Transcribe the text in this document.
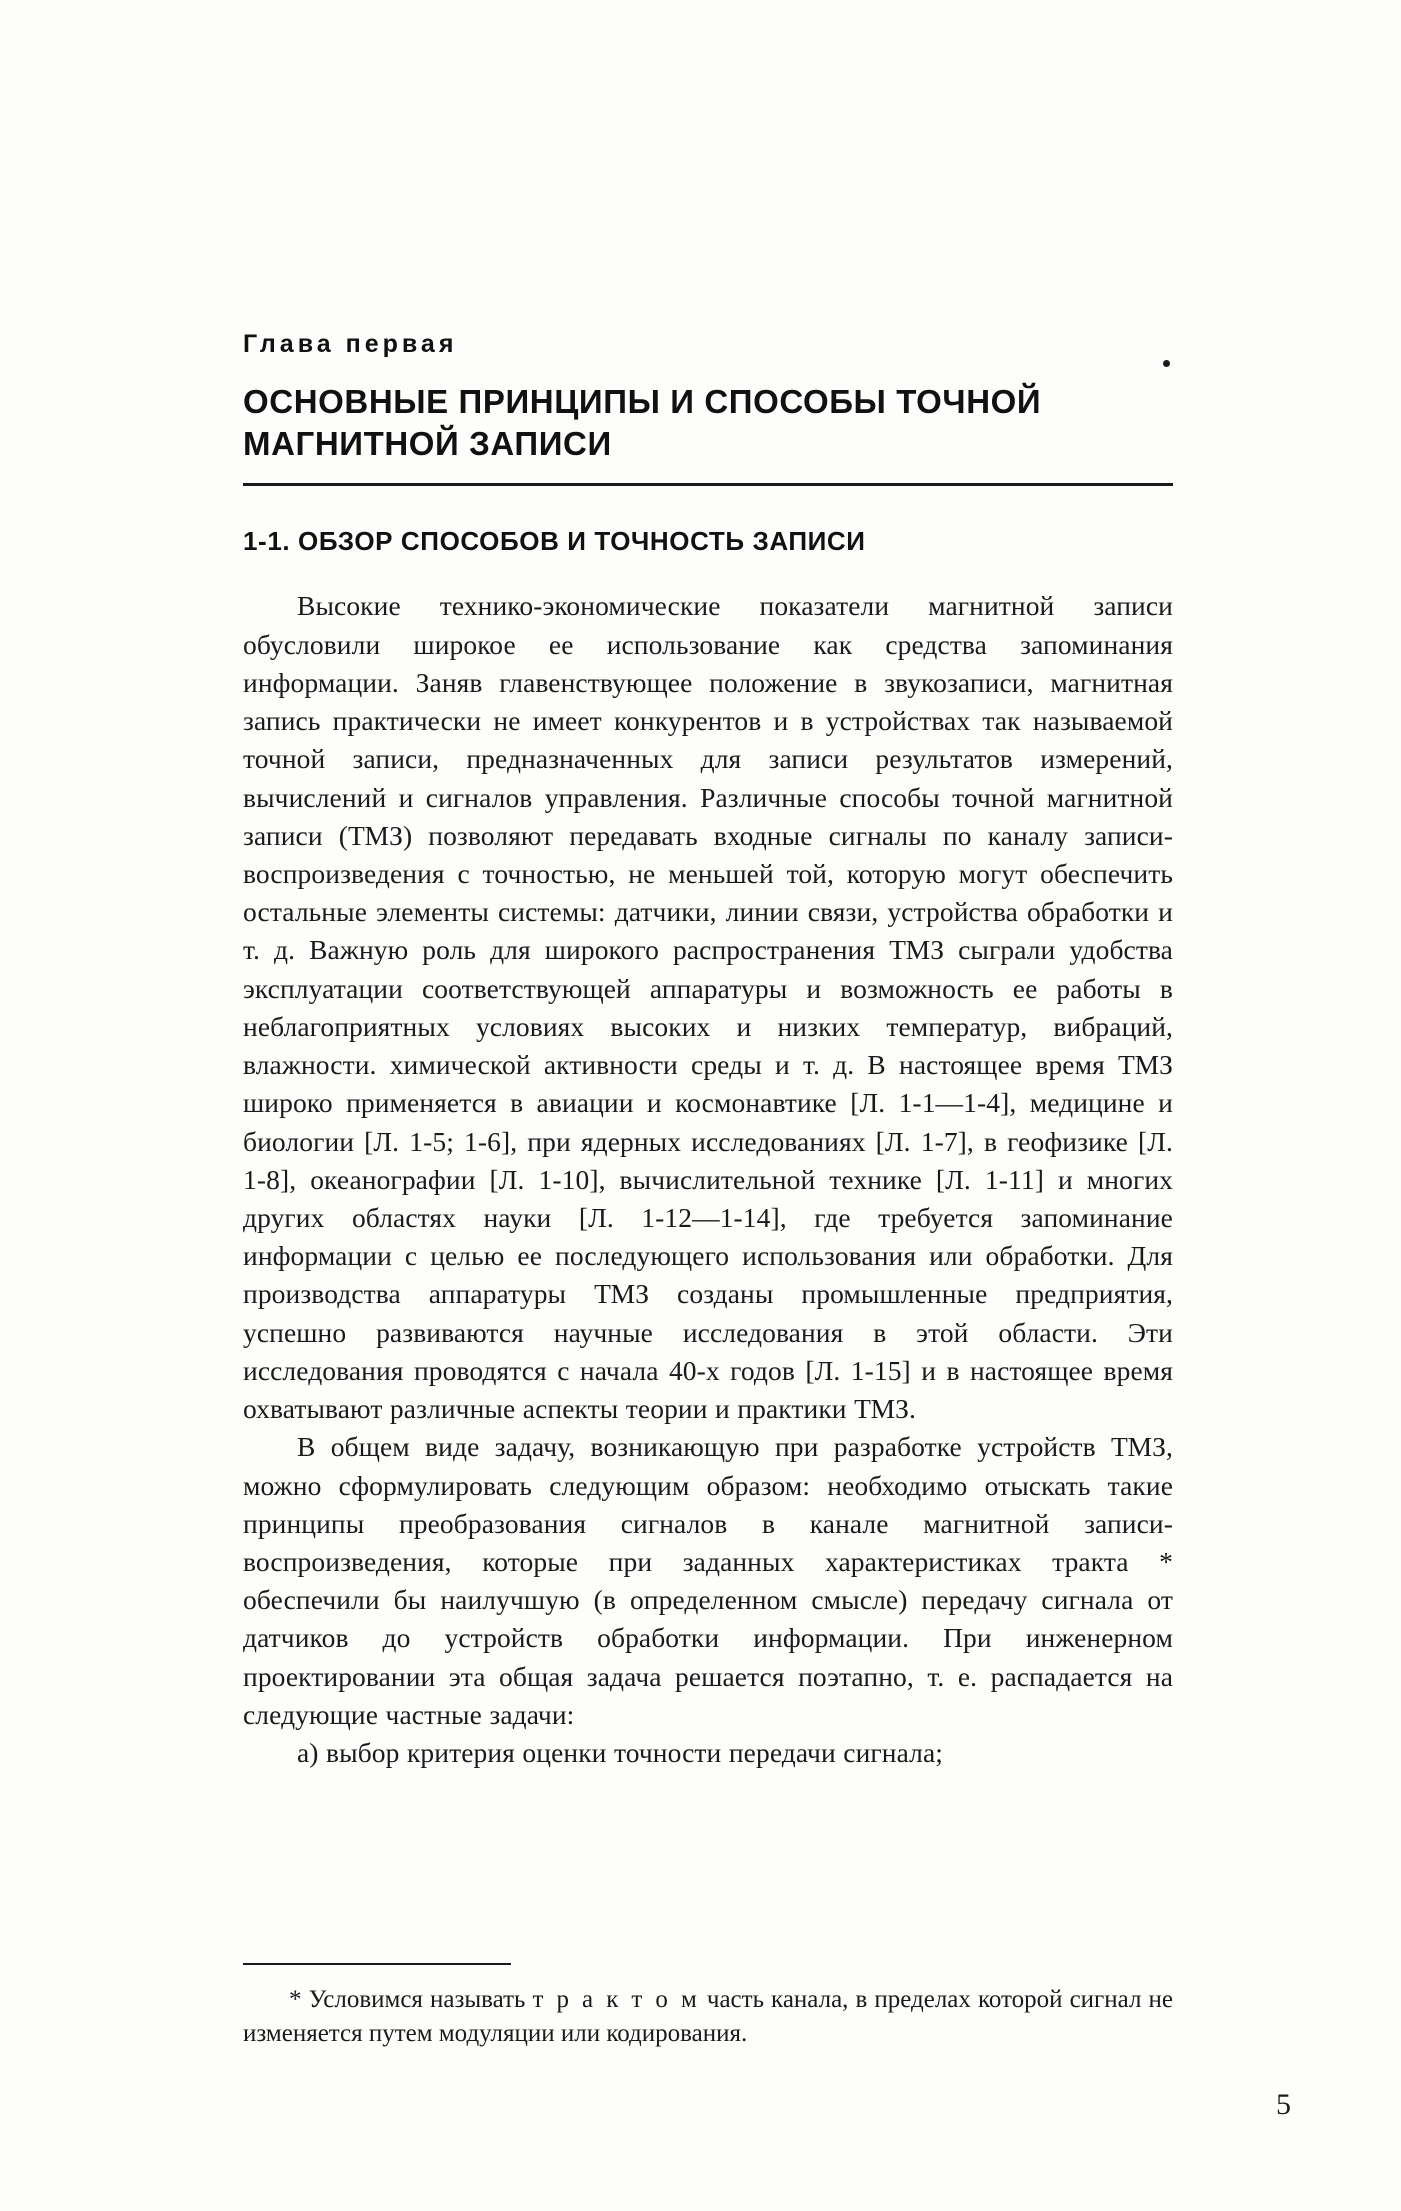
Глава первая
ОСНОВНЫЕ ПРИНЦИПЫ И СПОСОБЫ ТОЧНОЙ МАГНИТНОЙ ЗАПИСИ
1-1. ОБЗОР СПОСОБОВ И ТОЧНОСТЬ ЗАПИСИ

Высокие технико-экономические показатели магнитной записи обусловили широкое ее использование как средства запоминания информации. Заняв главенствующее положение в звукозаписи, магнитная запись практически не имеет конкурентов и в устройствах так называемой точной записи, предназначенных для записи результатов измерений, вычислений и сигналов управления. Различные способы точной магнитной записи (ТМЗ) позволяют передавать входные сигналы по каналу записи-воспроизведения с точностью, не меньшей той, которую могут обеспечить остальные элементы системы: датчики, линии связи, устройства обработки и т. д. Важную роль для широкого распространения ТМЗ сыграли удобства эксплуатации соответствующей аппаратуры и возможность ее работы в неблагоприятных условиях высоких и низких температур, вибраций, влажности. химической активности среды и т. д. В настоящее время ТМЗ широко применяется в авиации и космонавтике [Л. 1-1—1-4], медицине и биологии [Л. 1-5; 1-6], при ядерных исследованиях [Л. 1-7], в геофизике [Л. 1-8], океанографии [Л. 1-10], вычислительной технике [Л. 1-11] и многих других областях науки [Л. 1-12—1-14], где требуется запоминание информации с целью ее последующего использования или обработки. Для производства аппаратуры ТМЗ созданы промышленные предприятия, успешно развиваются научные исследования в этой области. Эти исследования проводятся с начала 40-х годов [Л. 1-15] и в настоящее время охватывают различные аспекты теории и практики ТМЗ.

В общем виде задачу, возникающую при разработке устройств ТМЗ, можно сформулировать следующим образом: необходимо отыскать такие принципы преобразования сигналов в канале магнитной записи-воспроизведения, которые при заданных характеристиках тракта * обеспечили бы наилучшую (в определенном смысле) передачу сигнала от датчиков до устройств обработки информации. При инженерном проектировании эта общая задача решается поэтапно, т. е. распадается на следующие частные задачи:

а) выбор критерия оценки точности передачи сигнала;

* Условимся называть т р а к т о м часть канала, в пределах которой сигнал не изменяется путем модуляции или кодирования.

5
